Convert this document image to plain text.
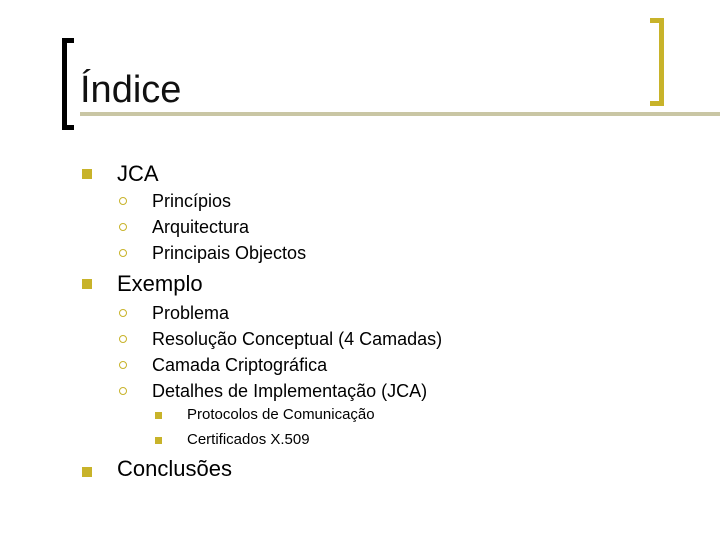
Índice
JCA
Princípios
Arquitectura
Principais Objectos
Exemplo
Problema
Resolução Conceptual (4 Camadas)
Camada Criptográfica
Detalhes de Implementação (JCA)
Protocolos de Comunicação
Certificados X.509
Conclusões
